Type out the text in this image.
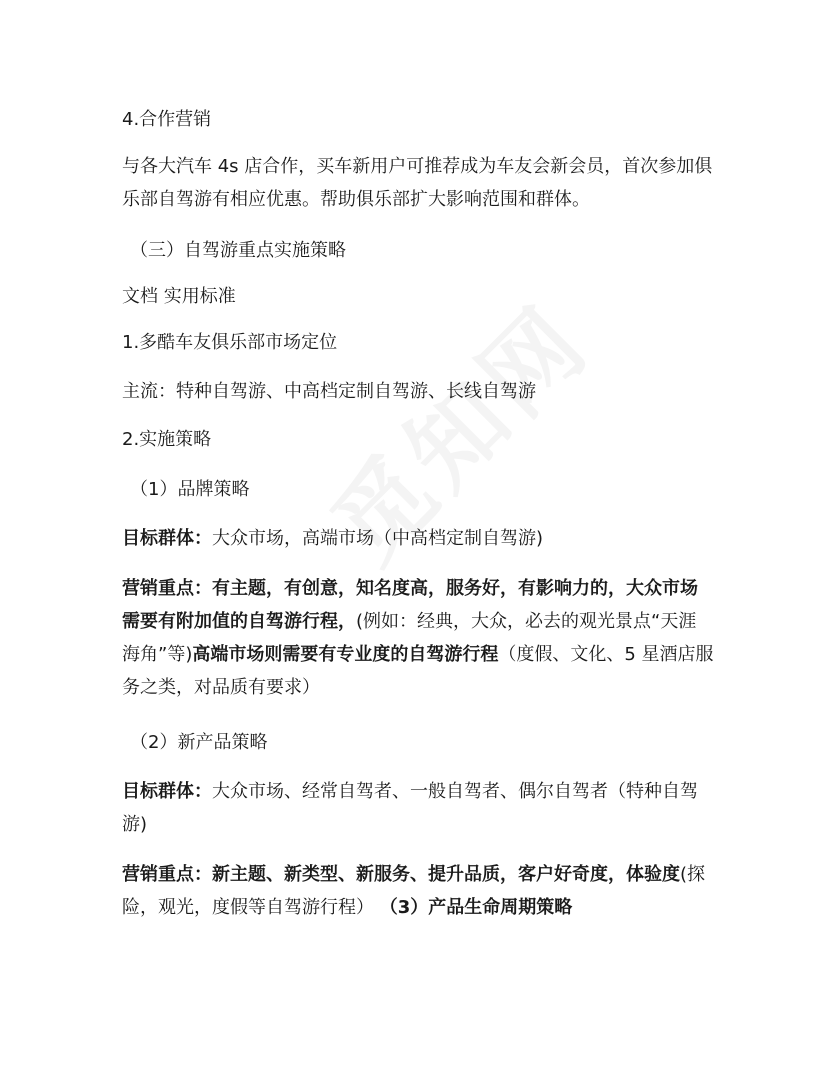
4.合作营销

与各大汽车 4s 店合作，买车新用户可推荐成为车友会新会员，首次参加俱乐部自驾游有相应优惠。帮助俱乐部扩大影响范围和群体。

（三）自驾游重点实施策略

文档 实用标准

1.多酷车友俱乐部市场定位

主流：特种自驾游、中高档定制自驾游、长线自驾游

2.实施策略

（1）品牌策略

目标群体：大众市场，高端市场（中高档定制自驾游)

营销重点：有主题，有创意，知名度高，服务好，有影响力的，大众市场需要有附加值的自驾游行程，(例如：经典，大众，必去的观光景点“天涯海角”等)高端市场则需要有专业度的自驾游行程（度假、文化、5 星酒店服务之类，对品质有要求）

（2）新产品策略

目标群体：大众市场、经常自驾者、一般自驾者、偶尔自驾者（特种自驾游)

营销重点：新主题、新类型、新服务、提升品质，客户好奇度，体验度(探险，观光，度假等自驾游行程） （3）产品生命周期策略
